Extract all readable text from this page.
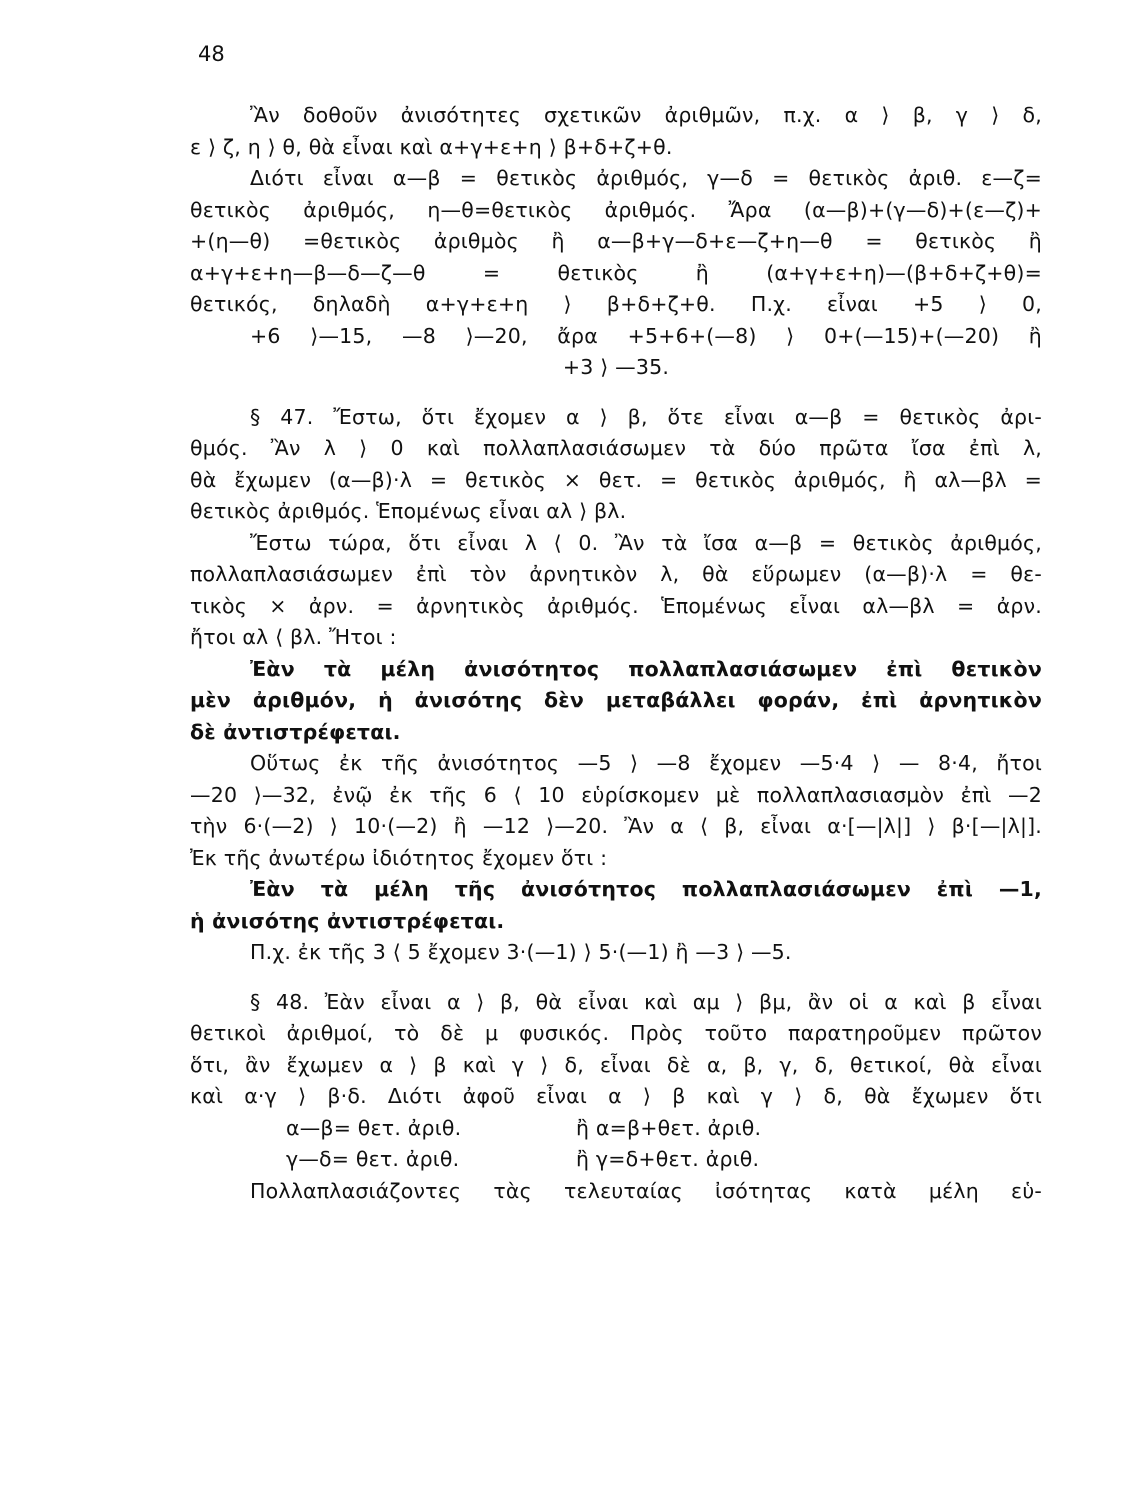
48
Ἂν δοθοῦν ἀνισότητες σχετικῶν ἀριθμῶν, π.χ. α ⟩ β, γ ⟩ δ,
ε ⟩ ζ, η ⟩ θ, θὰ εἶναι καὶ α+γ+ε+η ⟩ β+δ+ζ+θ.
Διότι εἶναι α—β = θετικὸς ἀριθμός, γ—δ = θετικὸς ἀριθ. ε—ζ=
θετικὸς ἀριθμός, η—θ=θετικὸς ἀριθμός. Ἄρα (α—β)+(γ—δ)+(ε—ζ)+
+(η—θ) =θετικὸς ἀριθμὸς ἢ α—β+γ—δ+ε—ζ+η—θ = θετικὸς ἢ
α+γ+ε+η—β—δ—ζ—θ = θετικὸς ἢ (α+γ+ε+η)—(β+δ+ζ+θ)=
θετικός, δηλαδὴ α+γ+ε+η ⟩ β+δ+ζ+θ. Π.χ. εἶναι +5 ⟩ 0,
+6 ⟩—15, —8 ⟩—20, ἄρα +5+6+(—8) ⟩ 0+(—15)+(—20) ἢ
+3 ⟩ —35.
§ 47. Ἔστω, ὅτι ἔχομεν α ⟩ β, ὅτε εἶναι α—β = θετικὸς ἀρι-
θμός. Ἂν λ ⟩ 0 καὶ πολλαπλασιάσωμεν τὰ δύο πρῶτα ἴσα ἐπὶ λ,
θὰ ἔχωμεν (α—β)·λ = θετικὸς × θετ. = θετικὸς ἀριθμός, ἢ αλ—βλ =
θετικὸς ἀριθμός. Ἑπομένως εἶναι αλ ⟩ βλ.
Ἔστω τώρα, ὅτι εἶναι λ ⟨ 0. Ἂν τὰ ἴσα α—β = θετικὸς ἀριθμός,
πολλαπλασιάσωμεν ἐπὶ τὸν ἀρνητικὸν λ, θὰ εὕρωμεν (α—β)·λ = θε-
τικὸς × ἀρν. = ἀρνητικὸς ἀριθμός. Ἑπομένως εἶναι αλ—βλ = ἀρν.
ἤτοι αλ ⟨ βλ. Ἤτοι :
Ἐὰν τὰ μέλη ἀνισότητος πολλαπλασιάσωμεν ἐπὶ θετικὸν
μὲν ἀριθμόν, ἡ ἀνισότης δὲν μεταβάλλει φοράν, ἐπὶ ἀρνητικὸν
δὲ ἀντιστρέφεται.
Οὕτως ἐκ τῆς ἀνισότητος —5 ⟩ —8 ἔχομεν —5·4 ⟩ — 8·4, ἤτοι
—20 ⟩—32, ἐνῷ ἐκ τῆς 6 ⟨ 10 εὑρίσκομεν μὲ πολλαπλασιασμὸν ἐπὶ —2
τὴν 6·(—2) ⟩ 10·(—2) ἢ —12 ⟩—20. Ἂν α ⟨ β, εἶναι α·[—|λ|] ⟩ β·[—|λ|].
Ἐκ τῆς ἀνωτέρω ἰδιότητος ἔχομεν ὅτι :
Ἐὰν τὰ μέλη τῆς ἀνισότητος πολλαπλασιάσωμεν ἐπὶ —1,
ἡ ἀνισότης ἀντιστρέφεται.
Π.χ. ἐκ τῆς 3 ⟨ 5 ἔχομεν 3·(—1) ⟩ 5·(—1) ἢ —3 ⟩ —5.
§ 48. Ἐὰν εἶναι α ⟩ β, θὰ εἶναι καὶ αμ ⟩ βμ, ἂν οἱ α καὶ β εἶναι
θετικοὶ ἀριθμοί, τὸ δὲ μ φυσικός. Πρὸς τοῦτο παρατηροῦμεν πρῶτον
ὅτι, ἂν ἔχωμεν α ⟩ β καὶ γ ⟩ δ, εἶναι δὲ α, β, γ, δ, θετικοί, θὰ εἶναι
καὶ α·γ ⟩ β·δ. Διότι ἀφοῦ εἶναι α ⟩ β καὶ γ ⟩ δ, θὰ ἔχωμεν ὅτι
α—β= θετ. ἀριθ.	ἢ α=β+θετ. ἀριθ.
γ—δ= θετ. ἀριθ.	ἢ γ=δ+θετ. ἀριθ.
Πολλαπλασιάζοντες τὰς τελευταίας ἰσότητας κατὰ μέλη εὑ-
